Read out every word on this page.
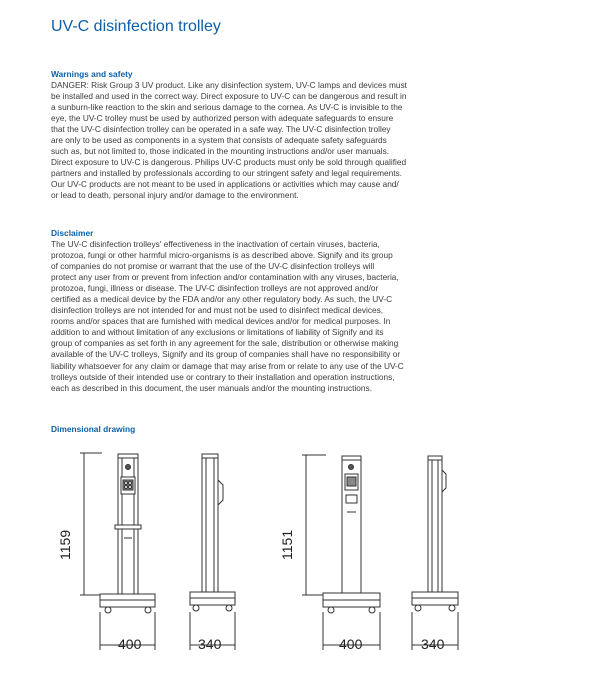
UV-C disinfection trolley
Warnings and safety

DANGER: Risk Group 3 UV product. Like any disinfection system, UV-C lamps and devices must
be installed and used in the correct way. Direct exposure to UV-C can be dangerous and result in
a sunburn-like reaction to the skin and serious damage to the cornea. As UV-C is invisible to the
eye, the UV-C trolley must be used by authorized person with adequate safeguards to ensure
that the UV-C disinfection trolley can be operated in a safe way. The UV-C disinfection trolley
are only to be used as components in a system that consists of adequate safety safeguards
such as, but not limited to, those indicated in the mounting instructions and/or user manuals.
Direct exposure to UV-C is dangerous. Philips UV-C products must only be sold through qualified
partners and installed by professionals according to our stringent safety and legal requirements.
Our UV-C products are not meant to be used in applications or activities which may cause and/
or lead to death, personal injury and/or damage to the environment.

Disclaimer

The UV-C disinfection trolleys' effectiveness in the inactivation of certain viruses, bacteria,
protozoa, fungi or other harmful micro-organisms is as described above. Signify and its group
of companies do not promise or warrant that the use of the UV-C disinfection trolleys will
protect any user from or prevent from infection and/or contamination with any viruses, bacteria,
protozoa, fungi, illness or disease. The UV-C disinfection trolleys are not approved and/or
certified as a medical device by the FDA and/or any other regulatory body. As such, the UV-C
disinfection trolleys are not intended for and must not be used to disinfect medical devices,
rooms and/or spaces that are furnished with medical devices and/or for medical purposes. In
addition to and without limitation of any exclusions or limitations of liability of Signify and its
group of companies as set forth in any agreement for the sale, distribution or otherwise making
available of the UV-C trolleys, Signify and its group of companies shall have no responsibility or
liability whatsoever for any claim or damage that may arise from or relate to any use of the UV-C
trolleys outside of their intended use or contrary to their installation and operation instructions,
each as described in this document, the user manuals and/or the mounting instructions.

Dimensional drawing
1159
400	340
1151
400	340
